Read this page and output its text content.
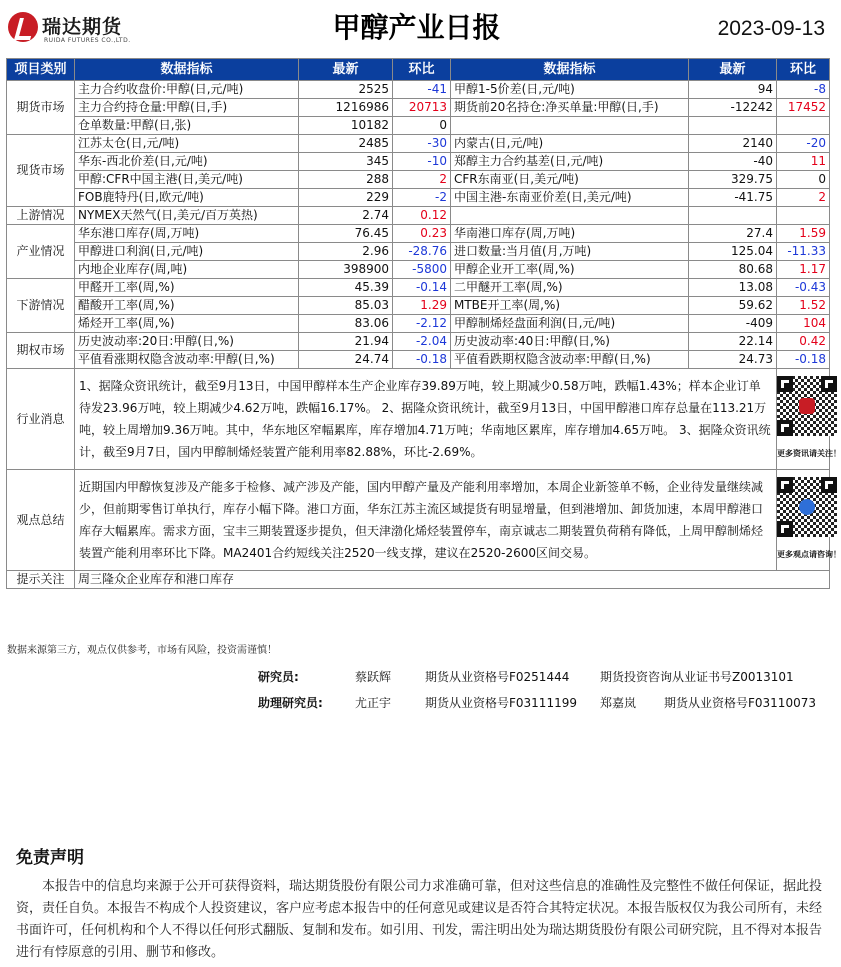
瑞达期货
RUIDA FUTURES CO.,LTD.	甲醇产业日报	2023-09-13
项目类别	数据指标	最新	环比	数据指标	最新	环比
期货市场	主力合约收盘价:甲醇(日,元/吨)	2525	-41	甲醇1-5价差(日,元/吨)	94	-8
	主力合约持仓量:甲醇(日,手)	1216986	20713	期货前20名持仓:净买单量:甲醇(日,手)	-12242	17452
	仓单数量:甲醇(日,张)	10182	0			
现货市场	江苏太仓(日,元/吨)	2485	-30	内蒙古(日,元/吨)	2140	-20
	华东-西北价差(日,元/吨)	345	-10	郑醇主力合约基差(日,元/吨)	-40	11
	甲醇:CFR中国主港(日,美元/吨)	288	2	CFR东南亚(日,美元/吨)	329.75	0
	FOB鹿特丹(日,欧元/吨)	229	-2	中国主港-东南亚价差(日,美元/吨)	-41.75	2
上游情况	NYMEX天然气(日,美元/百万英热)	2.74	0.12			
产业情况	华东港口库存(周,万吨)	76.45	0.23	华南港口库存(周,万吨)	27.4	1.59
	甲醇进口利润(日,元/吨)	2.96	-28.76	进口数量:当月值(月,万吨)	125.04	-11.33
	内地企业库存(周,吨)	398900	-5800	甲醇企业开工率(周,%)	80.68	1.17
下游情况	甲醛开工率(周,%)	45.39	-0.14	二甲醚开工率(周,%)	13.08	-0.43
	醋酸开工率(周,%)	85.03	1.29	MTBE开工率(周,%)	59.62	1.52
	烯烃开工率(周,%)	83.06	-2.12	甲醇制烯烃盘面利润(日,元/吨)	-409	104
期权市场	历史波动率:20日:甲醇(日,%)	21.94	-2.04	历史波动率:40日:甲醇(日,%)	22.14	0.42
	平值看涨期权隐含波动率:甲醇(日,%)	24.74	-0.18	平值看跌期权隐含波动率:甲醇(日,%)	24.73	-0.18
行业消息	1、据隆众资讯统计，截至9月13日，中国甲醇样本生产企业库存39.89万吨，较上期减少0.58万吨，跌幅1.43%；样本企业订单待发23.96万吨，较上期减少4.62万吨，跌幅16.17%。 2、据隆众资讯统计，截至9月13日，中国甲醇港口库存总量在113.21万吨，较上周增加9.36万吨。其中，华东地区窄幅累库，库存增加4.71万吨；华南地区累库，库存增加4.65万吨。 3、据隆众资讯统计，截至9月7日，国内甲醇制烯烃装置产能利用率82.88%，环比-2.69%。					更多资讯请关注！

观点总结	近期国内甲醇恢复涉及产能多于检修、减产涉及产能，国内甲醇产量及产能利用率增加，本周企业新签单不畅，企业待发量继续减少，但前期零售订单执行，库存小幅下降。港口方面，华东江苏主流区域提货有明显增量，但到港增加、卸货加速，本周甲醇港口库存大幅累库。需求方面，宝丰三期装置逐步提负，但天津渤化烯烃装置停车，南京诚志二期装置负荷稍有降低，上周甲醇制烯烃装置产能利用率环比下降。MA2401合约短线关注2520一线支撑，建议在2520-2600区间交易。					更多观点请咨询！

提示关注	周三隆众企业库存和港口库存					
数据来源第三方，观点仅供参考，市场有风险，投资需谨慎！
研究员:	蔡跃辉	期货从业资格号F0251444	期货投资咨询从业证书号Z0013101
助理研究员:	尤正宇	期货从业资格号F03111199 郑嘉岚 期货从业资格号F03110073
免责声明
本报告中的信息均来源于公开可获得资料，瑞达期货股份有限公司力求准确可靠，但对这些信息的准确性及完整性不做任何保证，据此投资，责任自负。本报告不构成个人投资建议，客户应考虑本报告中的任何意见或建议是否符合其特定状况。本报告版权仅为我公司所有，未经书面许可，任何机构和个人不得以任何形式翻版、复制和发布。如引用、刊发，需注明出处为瑞达期货股份有限公司研究院，且不得对本报告进行有悖原意的引用、删节和修改。
